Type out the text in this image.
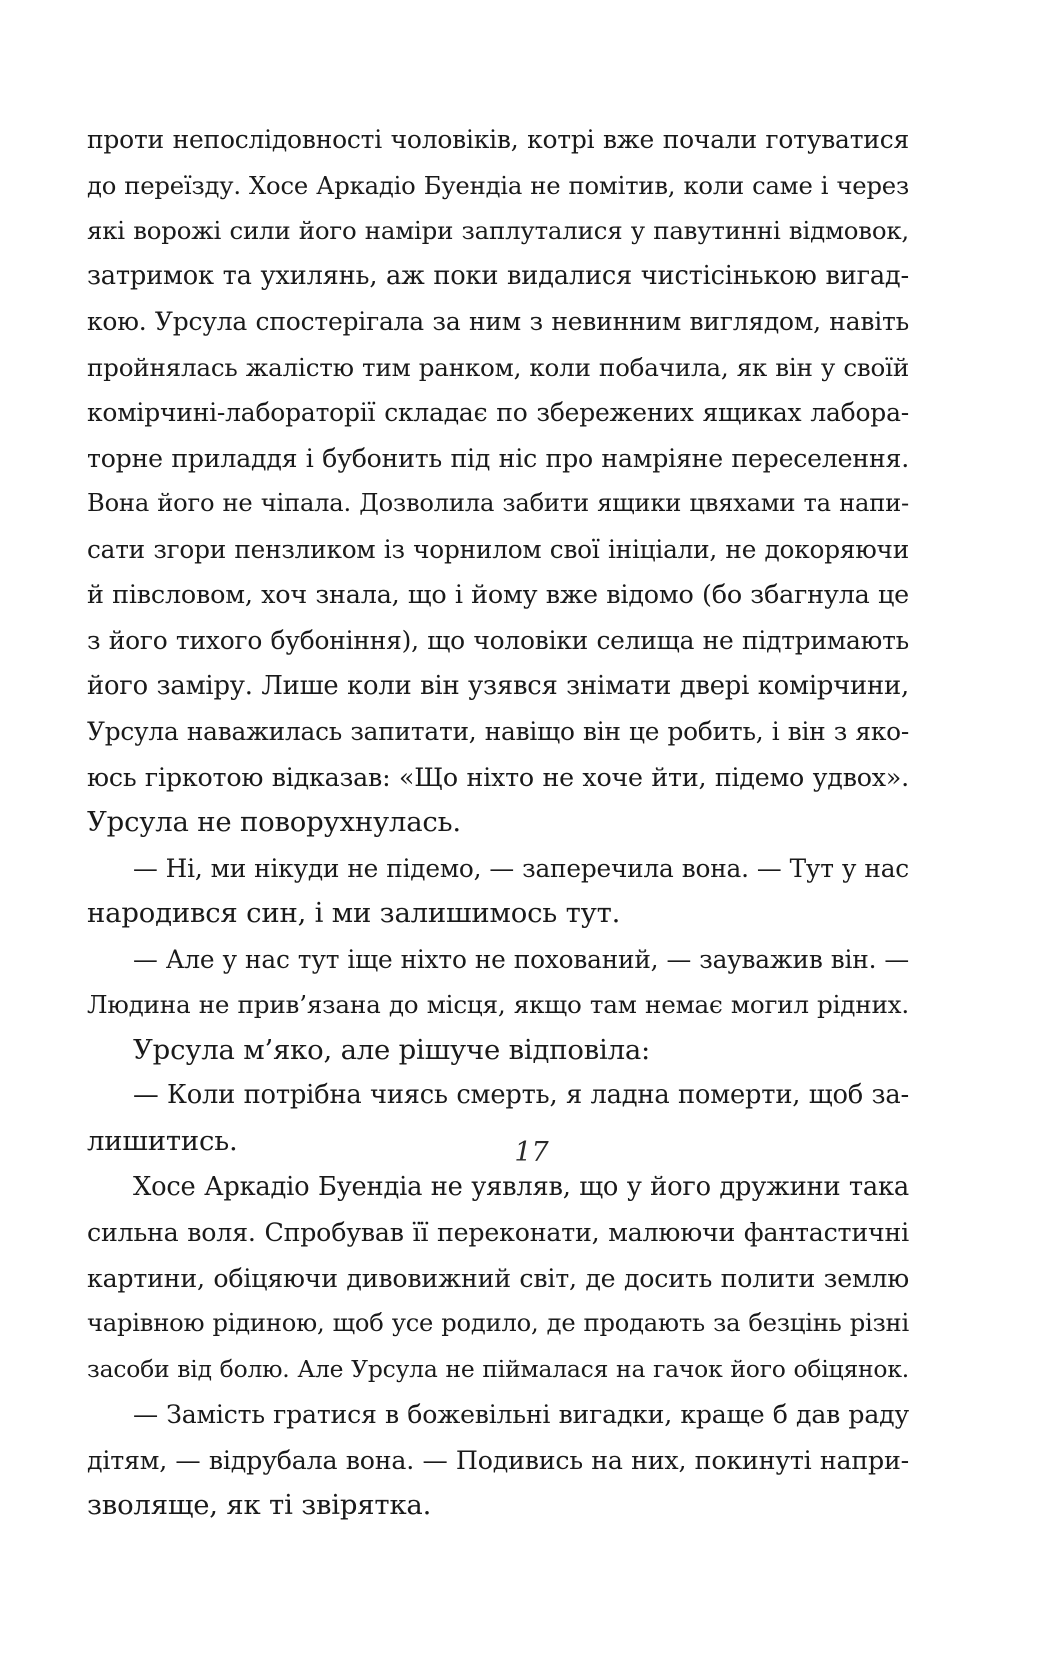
проти непослідовності чоловіків, котрі вже почали готуватися
до переїзду. Хосе Аркадіо Буендіа не помітив, коли саме і через
які ворожі сили його наміри заплуталися у павутинні відмовок,
затримок та ухилянь, аж поки видалися чистісінькою вигад-
кою. Урсула спостерігала за ним з невинним виглядом, навіть
пройнялась жалістю тим ранком, коли побачила, як він у своїй
комірчині-лабораторії складає по збережених ящиках лабора-
торне приладдя і бубонить під ніс про намріяне переселення.
Вона його не чіпала. Дозволила забити ящики цвяхами та напи-
сати згори пензликом із чорнилом свої ініціали, не докоряючи
й півсловом, хоч знала, що і йому вже відомо (бо збагнула це
з його тихого бубоніння), що чоловіки селища не підтримають
його заміру. Лише коли він узявся знімати двері комірчини,
Урсула наважилась запитати, навіщо він це робить, і він з яко-
юсь гіркотою відказав: «Що ніхто не хоче йти, підемо удвох».
Урсула не поворухнулась.
— Ні, ми нікуди не підемо, — заперечила вона. — Тут у нас
народився син, і ми залишимось тут.
— Але у нас тут іще ніхто не похований, — зауважив він. —
Людина не прив’язана до місця, якщо там немає могил рідних.
Урсула м’яко, але рішуче відповіла:
— Коли потрібна чиясь смерть, я ладна померти, щоб за-
лишитись.
Хосе Аркадіо Буендіа не уявляв, що у його дружини така
сильна воля. Спробував її переконати, малюючи фантастичні
картини, обіцяючи дивовижний світ, де досить полити землю
чарівною рідиною, щоб усе родило, де продають за безцінь різні
засоби від болю. Але Урсула не піймалася на гачок його обіцянок.
— Замість гратися в божевільні вигадки, краще б дав раду
дітям, — відрубала вона. — Подивись на них, покинуті напри-
зволяще, як ті звірятка.
17
